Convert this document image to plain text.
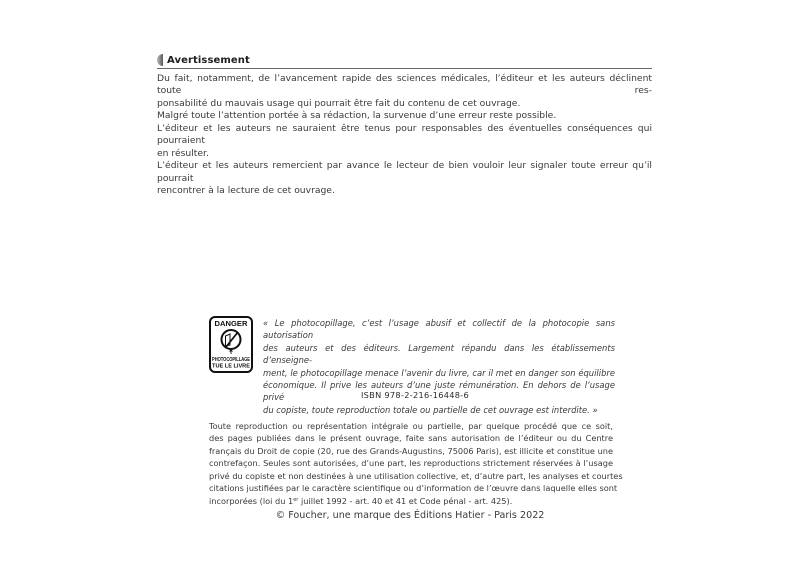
Avertissement

Du fait, notamment, de l’avancement rapide des sciences médicales, l’éditeur et les auteurs déclinent toute res-

ponsabilité du mauvais usage qui pourrait être fait du contenu de cet ouvrage.

Malgré toute l’attention portée à sa rédaction, la survenue d’une erreur reste possible.

L’éditeur et les auteurs ne sauraient être tenus pour responsables des éventuelles conséquences qui pourraient

en résulter.

L’éditeur et les auteurs remercient par avance le lecteur de bien vouloir leur signaler toute erreur qu’il pourrait

rencontrer à la lecture de cet ouvrage.

DANGER
PHOTOCOPILLAGE
TUE LE LIVRE

« Le photocopillage, c’est l’usage abusif et collectif de la photocopie sans autorisation

des auteurs et des éditeurs. Largement répandu dans les établissements d’enseigne-

ment, le photocopillage menace l’avenir du livre, car il met en danger son équilibre

économique. Il prive les auteurs d’une juste rémunération. En dehors de l’usage privé

du copiste, toute reproduction totale ou partielle de cet ouvrage est interdite. »

ISBN 978-2-216-16448-6

Toute reproduction ou représentation intégrale ou partielle, par quelque procédé que ce soit,

des pages publiées dans le présent ouvrage, faite sans autorisation de l’éditeur ou du Centre

français du Droit de copie (20, rue des Grands-Augustins, 75006 Paris), est illicite et constitue une

contrefaçon. Seules sont autorisées, d’une part, les reproductions strictement réservées à l’usage

privé du copiste et non destinées à une utilisation collective, et, d’autre part, les analyses et courtes

citations justifiées par le caractère scientifique ou d’information de l’œuvre dans laquelle elles sont

incorporées (loi du 1er juillet 1992 - art. 40 et 41 et Code pénal - art. 425).

© Foucher, une marque des Éditions Hatier - Paris 2022
